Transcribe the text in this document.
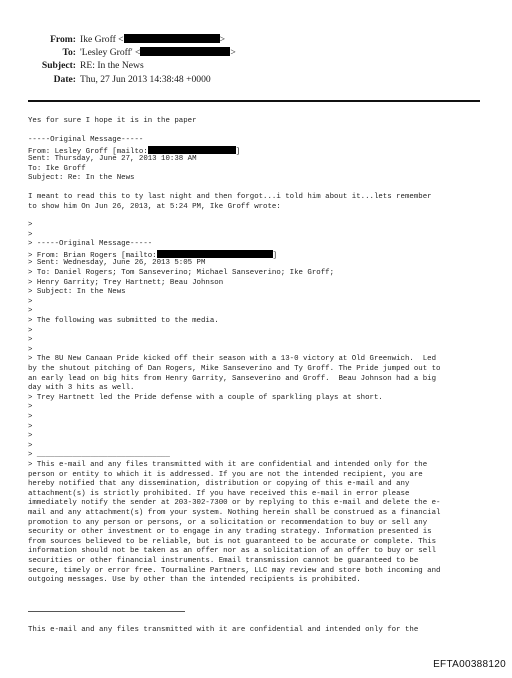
From: Ike Groff <	>
To: 'Lesley Groff' <	>
Subject: RE: In the News
Date: Thu, 27 Jun 2013 14:38:48 +0000
Yes for sure I hope it is in the paper
-----Original Message-----
From: Lesley Groff [mailto:	]
Sent: Thursday, June 27, 2013 10:38 AM
To: Ike Groff
Subject: Re: In the News
I meant to read this to ty last night and then forgot...i told him about it...lets remember
to show him On Jun 26, 2013, at 5:24 PM, Ike Groff wrote:
>
>
> -----Original Message-----
> From: Brian Rogers [mailto:	]
> Sent: Wednesday, June 26, 2013 5:05 PM
> To: Daniel Rogers; Tom Sanseverino; Michael Sanseverino; Ike Groff;
> Henry Garrity; Trey Hartnett; Beau Johnson
> Subject: In the News
>
>
> The following was submitted to the media.
>
>
>
> The 8U New Canaan Pride kicked off their season with a 13-0 victory at Old Greenwich.  Led
by the shutout pitching of Dan Rogers, Mike Sanseverino and Ty Groff. The Pride jumped out to
an early lead on big hits from Henry Garrity, Sanseverino and Groff.  Beau Johnson had a big
day with 3 hits as well.
> Trey Hartnett led the Pride defense with a couple of sparkling plays at short.
>
>
>
>
>
> ______________________________
> This e-mail and any files transmitted with it are confidential and intended only for the
person or entity to which it is addressed. If you are not the intended recipient, you are
hereby notified that any dissemination, distribution or copying of this e-mail and any
attachment(s) is strictly prohibited. If you have received this e-mail in error please
immediately notify the sender at 203-302-7300 or by replying to this e-mail and delete the e-
mail and any attachment(s) from your system. Nothing herein shall be construed as a financial
promotion to any person or persons, or a solicitation or recommendation to buy or sell any
security or other investment or to engage in any trading strategy. Information presented is
from sources believed to be reliable, but is not guaranteed to be accurate or complete. This
information should not be taken as an offer nor as a solicitation of an offer to buy or sell
securities or other financial instruments. Email transmission cannot be guaranteed to be
secure, timely or error free. Tourmaline Partners, LLC may review and store both incoming and
outgoing messages. Use by other than the intended recipients is prohibited.
This e-mail and any files transmitted with it are confidential and intended only for the
EFTA00388120
